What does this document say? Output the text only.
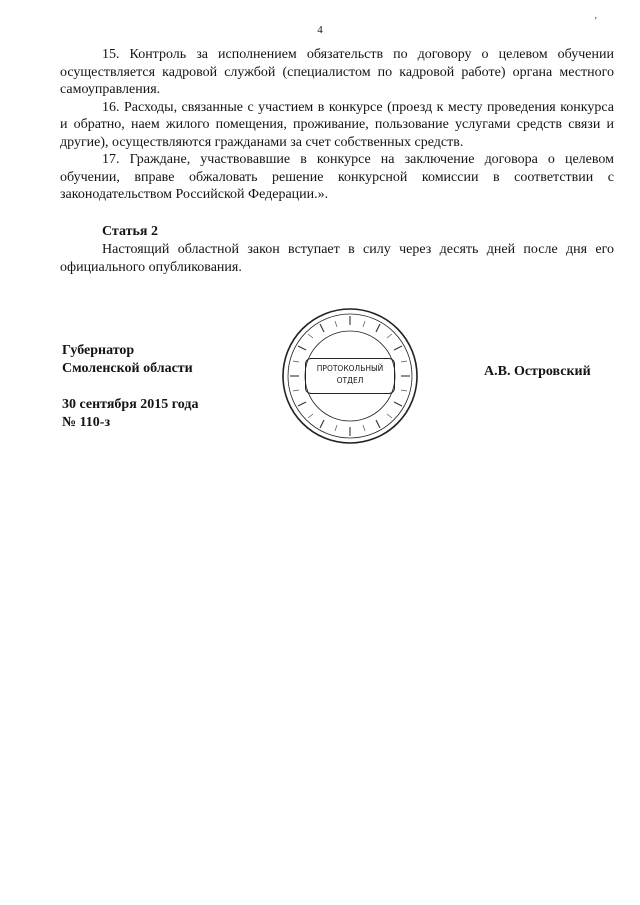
4
ʼ

15. Контроль за исполнением обязательств по договору о целевом обучении осуществляется кадровой службой (специалистом по кадровой работе) органа местного самоуправления.

16. Расходы, связанные с участием в конкурсе (проезд к месту проведения конкурса и обратно, наем жилого помещения, проживание, пользование услугами средств связи и другие), осуществляются гражданами за счет собственных средств.

17. Граждане, участвовавшие в конкурсе на заключение договора о целевом обучении, вправе обжаловать решение конкурсной комиссии в соответствии с законодательством Российской Федерации.».

Статья 2

Настоящий областной закон вступает в силу через десять дней после дня его официального опубликования.

Губернатор
Смоленской области
30 сентября 2015 года
№ 110-з
А.В. Островский
ПРОТОКОЛЬНЫЙ
ОТДЕЛ
